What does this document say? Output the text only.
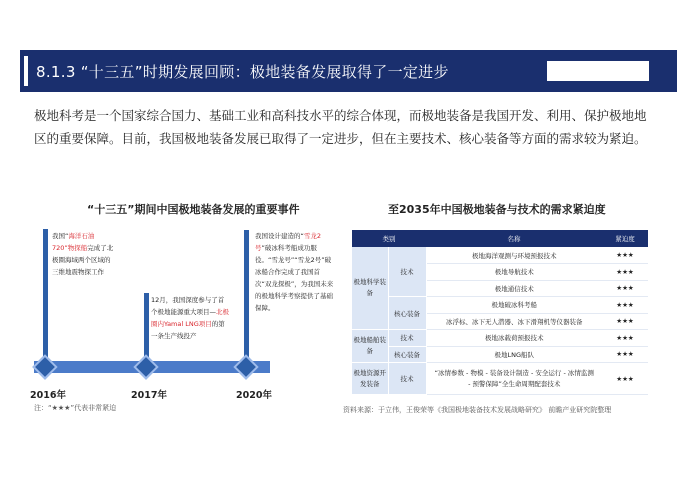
8.1.3 “十三五”时期发展回顾：极地装备发展取得了一定进步

极地科考是一个国家综合国力、基础工业和高科技水平的综合体现，而极地装备是我国开发、利用、保护极地地区的重要保障。目前，我国极地装备发展已取得了一定进步，但在主要技术、核心装备等方面的需求较为紧迫。

“十三五”期间中国极地装备发展的重要事件
我国“海洋石油720”物探船完成了北极圈海域两个区域的三维地震物探工作
12月，我国深度参与了首个极地能源重大项目—北极圈内Yamal LNG项目的第一条生产线投产
我国设计建造的“雪龙2号”破冰科考船成功服役。“雪龙号”“雪龙2号”破冰船合作完成了我国首次“双龙探极”，为我国未来的极地科学考察提供了基础保障。
2016年	2017年	2020年
注：“★★★”代表非常紧迫
至2035年中国极地装备与技术的需求紧迫度
类别		名称	紧迫度
极地科学装备	技术	极地海洋观测与环境预报技术	★★★
		极地导航技术	★★★
		极地通信技术	★★★
	核心装备	极地破冰科考船	★★★
		冰浮标、冰下无人潜器、冰下滑翔机等仪器装备	★★★
极地船舶装备	技术	极地冰载荷预报技术	★★★
	核心装备	极地LNG船队	★★★
极地资源开发装备	技术	“冰情参数 - 物模 - 装备设计制造 - 安全运行 - 冰情监测 - 预警保障”全生命周期配套技术	★★★
资料来源：于立伟，王俊荣等《我国极地装备技术发展战略研究》 前瞻产业研究院整理
